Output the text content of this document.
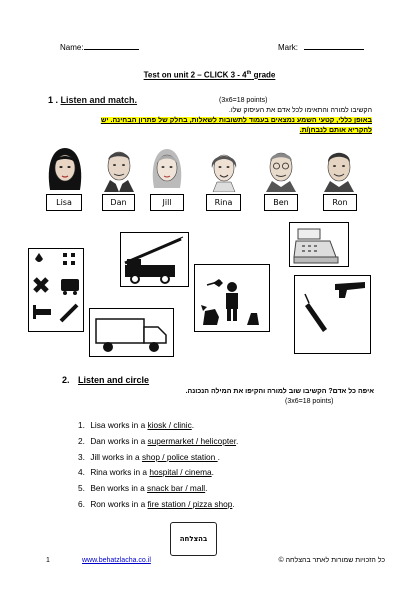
Name:	Mark:
Test on unit 2 – CLICK 3 - 4th grade
1 . Listen and match.	(3x6=18 points)
הקשיבו למורה והתאימו לכל אדם את העיסוק שלו.
באופן כללי, קטעי השמע נמצאים בעמוד לתשובות לשאלות, בחלק של פתרון הבחינה. יש
להקריא אותם לנבחן/ת.
Lisa	Dan	Jill	Rina	Ben	Ron
2. Listen and circle
איפה כל אדם? הקשיבו שוב למורה והקיפו את המילה הנכונה.
(3x6=18 points)
1. Lisa works in a kiosk / clinic.
2. Dan works in a supermarket / helicopter.
3. Jill works in a shop / police station .
4. Rina works in a hospital / cinema.
5. Ben works in a snack bar / mall.
6. Ron works in a fire station / pizza shop.
בהצלחה
1	www.behatzlacha.co.il	כל הזכויות שמורות לאתר בהצלחה ©
